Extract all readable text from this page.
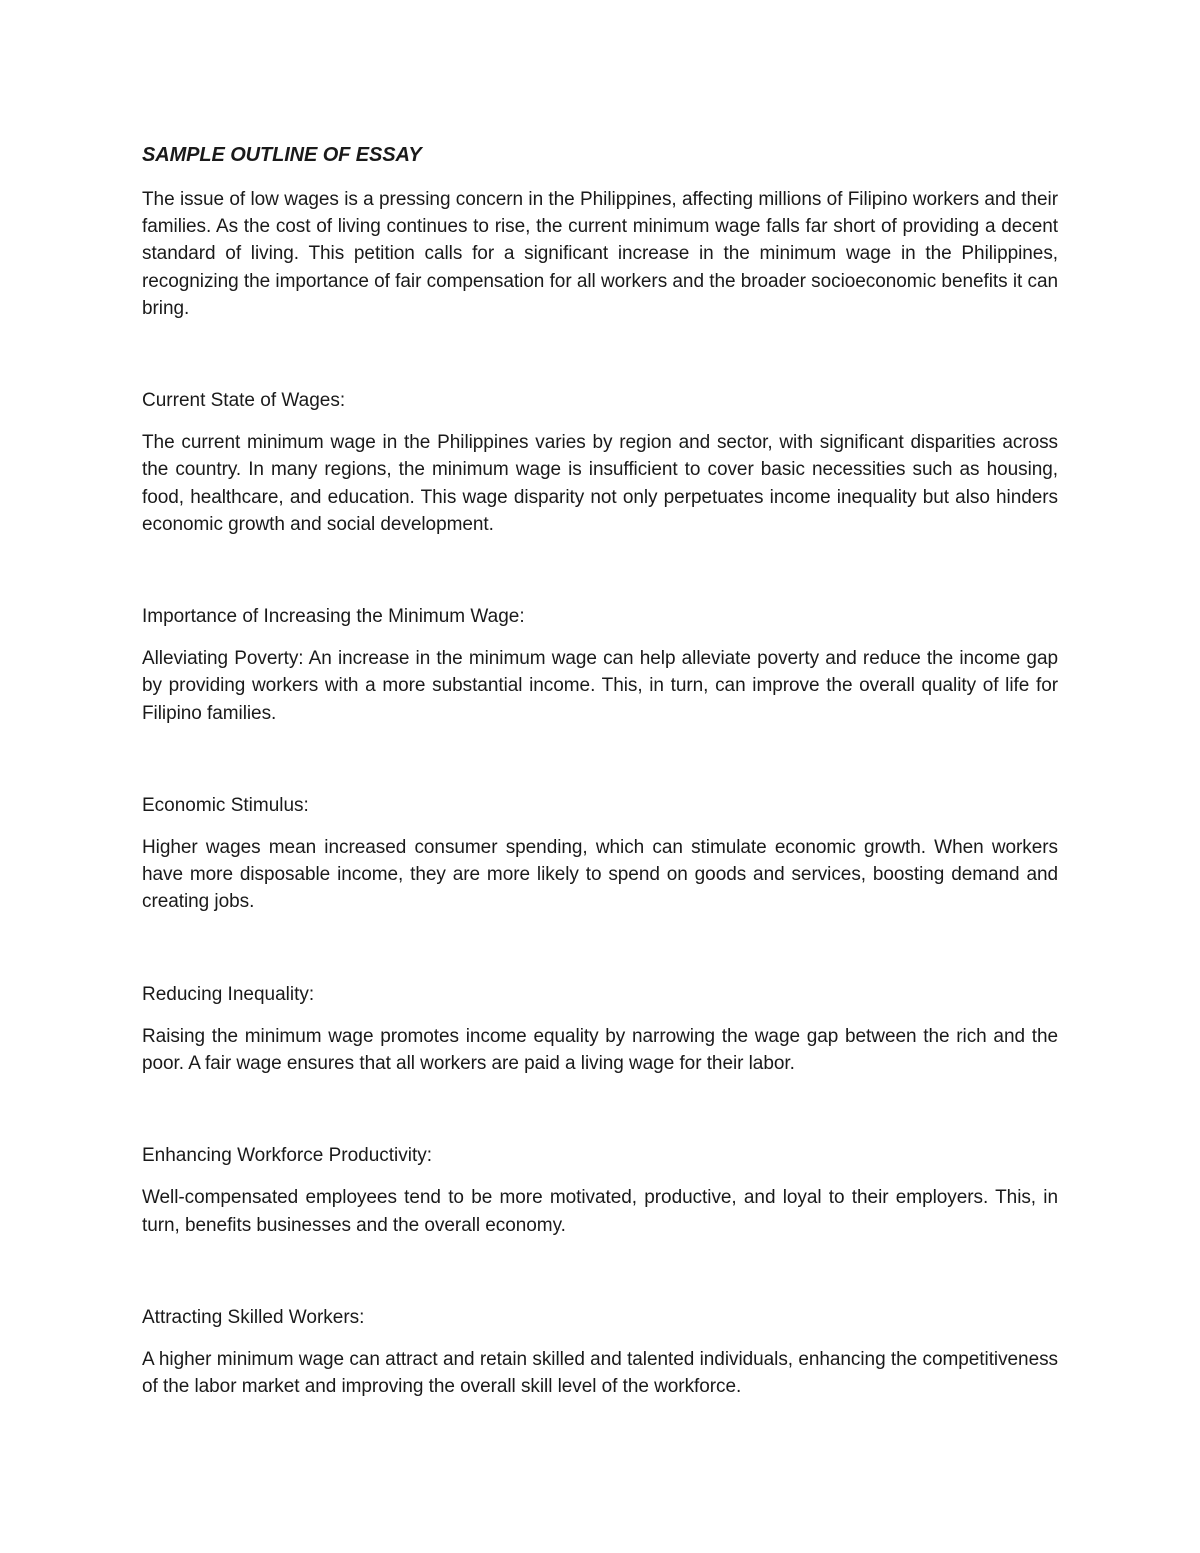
SAMPLE OUTLINE OF ESSAY

The issue of low wages is a pressing concern in the Philippines, affecting millions of Filipino workers and their families. As the cost of living continues to rise, the current minimum wage falls far short of providing a decent standard of living. This petition calls for a significant increase in the minimum wage in the Philippines, recognizing the importance of fair compensation for all workers and the broader socioeconomic benefits it can bring.

Current State of Wages:

The current minimum wage in the Philippines varies by region and sector, with significant disparities across the country. In many regions, the minimum wage is insufficient to cover basic necessities such as housing, food, healthcare, and education. This wage disparity not only perpetuates income inequality but also hinders economic growth and social development.

Importance of Increasing the Minimum Wage:

Alleviating Poverty: An increase in the minimum wage can help alleviate poverty and reduce the income gap by providing workers with a more substantial income. This, in turn, can improve the overall quality of life for Filipino families.

Economic Stimulus:

Higher wages mean increased consumer spending, which can stimulate economic growth. When workers have more disposable income, they are more likely to spend on goods and services, boosting demand and creating jobs.

Reducing Inequality:

Raising the minimum wage promotes income equality by narrowing the wage gap between the rich and the poor. A fair wage ensures that all workers are paid a living wage for their labor.

Enhancing Workforce Productivity:

Well-compensated employees tend to be more motivated, productive, and loyal to their employers. This, in turn, benefits businesses and the overall economy.

Attracting Skilled Workers:

A higher minimum wage can attract and retain skilled and talented individuals, enhancing the competitiveness of the labor market and improving the overall skill level of the workforce.
